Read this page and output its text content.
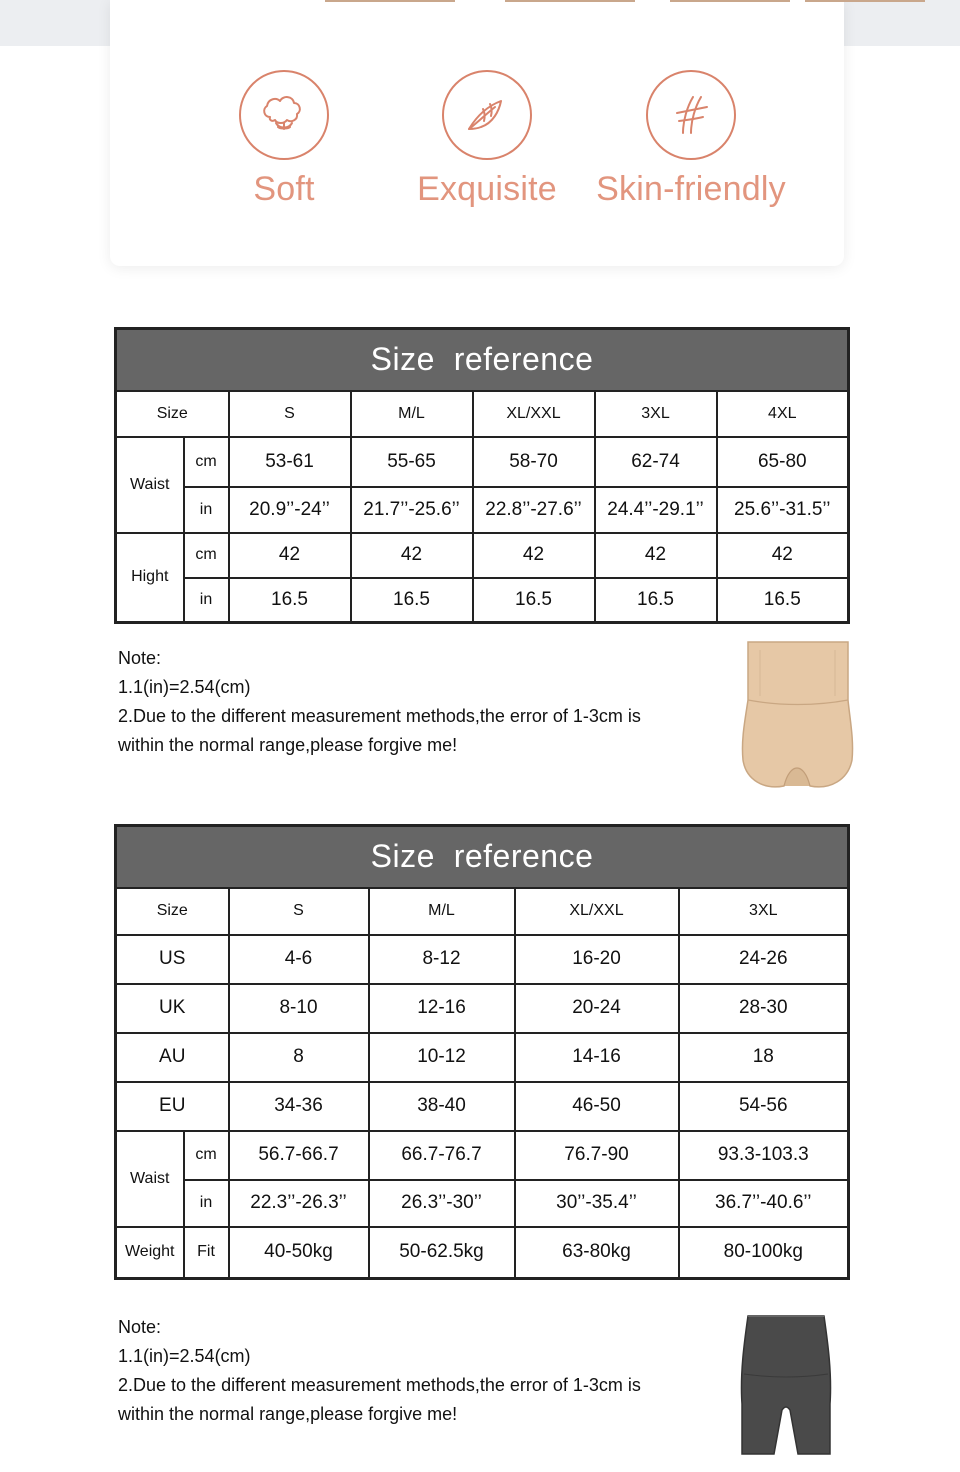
Soft	Exquisite	Skin-friendly
Size  reference						
Size		S	M/L	XL/XXL	3XL	4XL
Waist	cm	53-61	55-65	58-70	62-74	65-80
	in	20.9’’-24’’	21.7’’-25.6’’	22.8’’-27.6’’	24.4’’-29.1’’	25.6’’-31.5’’
Hight	cm	42	42	42	42	42
	in	16.5	16.5	16.5	16.5	16.5
Note:
1.1(in)=2.54(cm)
2.Due to the different measurement methods,the error of 1-3cm is
within the normal range,please forgive me!
Size  reference					
Size		S	M/L	XL/XXL	3XL
US		4-6	8-12	16-20	24-26
UK		8-10	12-16	20-24	28-30
AU		8	10-12	14-16	18
EU		34-36	38-40	46-50	54-56
Waist	cm	56.7-66.7	66.7-76.7	76.7-90	93.3-103.3
	in	22.3’’-26.3’’	26.3’’-30’’	30’’-35.4’’	36.7’’-40.6’’
Weight	Fit	40-50kg	50-62.5kg	63-80kg	80-100kg
Note:
1.1(in)=2.54(cm)
2.Due to the different measurement methods,the error of 1-3cm is
within the normal range,please forgive me!
